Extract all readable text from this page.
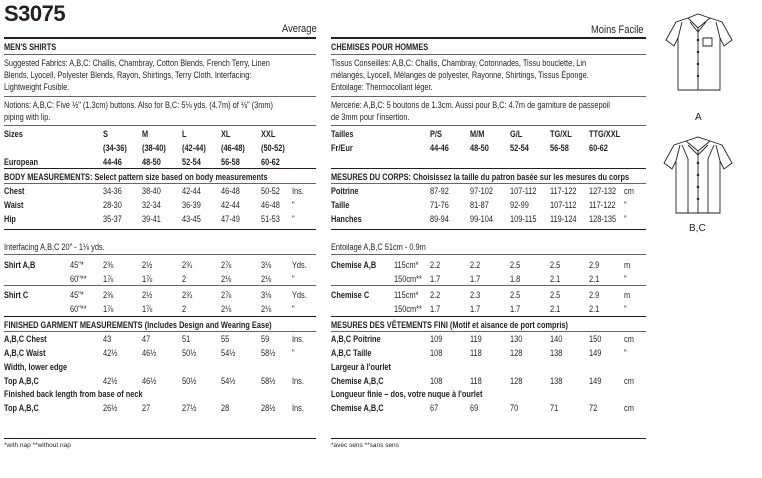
MEN'S SHIRTS
Suggested Fabrics: A,B,C: Challis, Chambray, Cotton Blends, French Terry, Linen
Blends, Lyocell, Polyester Blends, Rayon, Shirtings, Terry Cloth. Interfacing:
Lightweight Fusible.
Notions: A,B,C: Five ½" (1.3cm) buttons. Also for B,C: 5⅛ yds. (4.7m) of ⅛" (3mm)
piping with lip.
Sizes	S	M	L	XL	XXL
(34-36) (38-40) (42-44) (46-48) (50-52)
European	44-46 48-50 52-54 56-58 60-62
BODY MEASUREMENTS: Select pattern size based on body measurements
Chest	34-36 38-40 42-44 46-48 50-52 Ins.
Waist	28-30 32-34 36-39 42-44 46-48 "
Hip	35-37 39-41 43-45 47-49 51-53 "
Interfacing A,B,C 20" - 1⅛ yds.
Shirt A,B	45"* 2⅜	2½	2¾	2⅞	3⅛ Yds.
60"** 1⅞	1⅞	2	2⅛	2⅛ "
Shirt C	45"* 2⅜	2½	2¾	2⅞	3⅛ Yds.
60"** 1⅞	1⅞	2	2⅛	2⅛ "
FINISHED GARMENT MEASUREMENTS (Includes Design and Wearing Ease)
A,B,C Chest	43	47	51	55	59	Ins.
A,B,C Waist	42½	46½	50½	54½	58½ "
Width, lower edge
Top A,B,C	42½	46½	50½	54½	58½ Ins.
Finished back length from base of neck
Top A,B,C	26½	27	27½	28	28½ Ins.
*with nap **without nap
CHEMISES POUR HOMMES
Tissus Conseillés: A,B,C: Challis, Chambray, Cotonnades, Tissu bouclette, Lin
mélangés, Lyocell, Mélanges de polyester, Rayonne, Shirtings, Tissus Éponge.
Entoilage: Thermocollant léger.
Mercerie: A,B,C: 5 boutons de 1.3cm. Aussi pour B,C: 4.7m de garniture de passepoil
de 3mm pour l'insertion.
Tailles	P/S	M/M	G/L	TG/XL TTG/XXL
Fr/Eur	44-46 48-50 52-54 56-58 60-62
MESURES DU CORPS: Choisissez la taille du patron basée sur les mesures du corps
Poitrine	87-92 97-102 107-112 117-122 127-132 cm
Taille	71-76 81-87 92-99 107-112 117-122 "
Hanches	89-94 99-104 109-115 119-124 128-135 "
Entoilage A,B,C 51cm - 0.9m
Chemise A,B 115cm* 2.2	2.2	2.5	2.5	2.9	m
150cm** 1.7	1.7	1.8	2.1	2.1	"
Chemise C	115cm* 2.2	2.3	2.5	2.5	2.9	m
150cm** 1.7	1.7	1.7	2.1	2.1	"
MESURES DES VÊTEMENTS FINI (Motif et aisance de port compris)
A,B,C Poitrine	109	119	130	140	150	cm
A,B,C Taille	108	118	128	138	149	"
Largeur à l'ourlet
Chemise A,B,C	108	118	128	138	149	cm
Longueur finie – dos, votre nuque à l'ourlet
Chemise A,B,C	67	69	70	71	72	cm
*avec sens **sans sens
S3075
Average	Moins Facile
A
B,C
